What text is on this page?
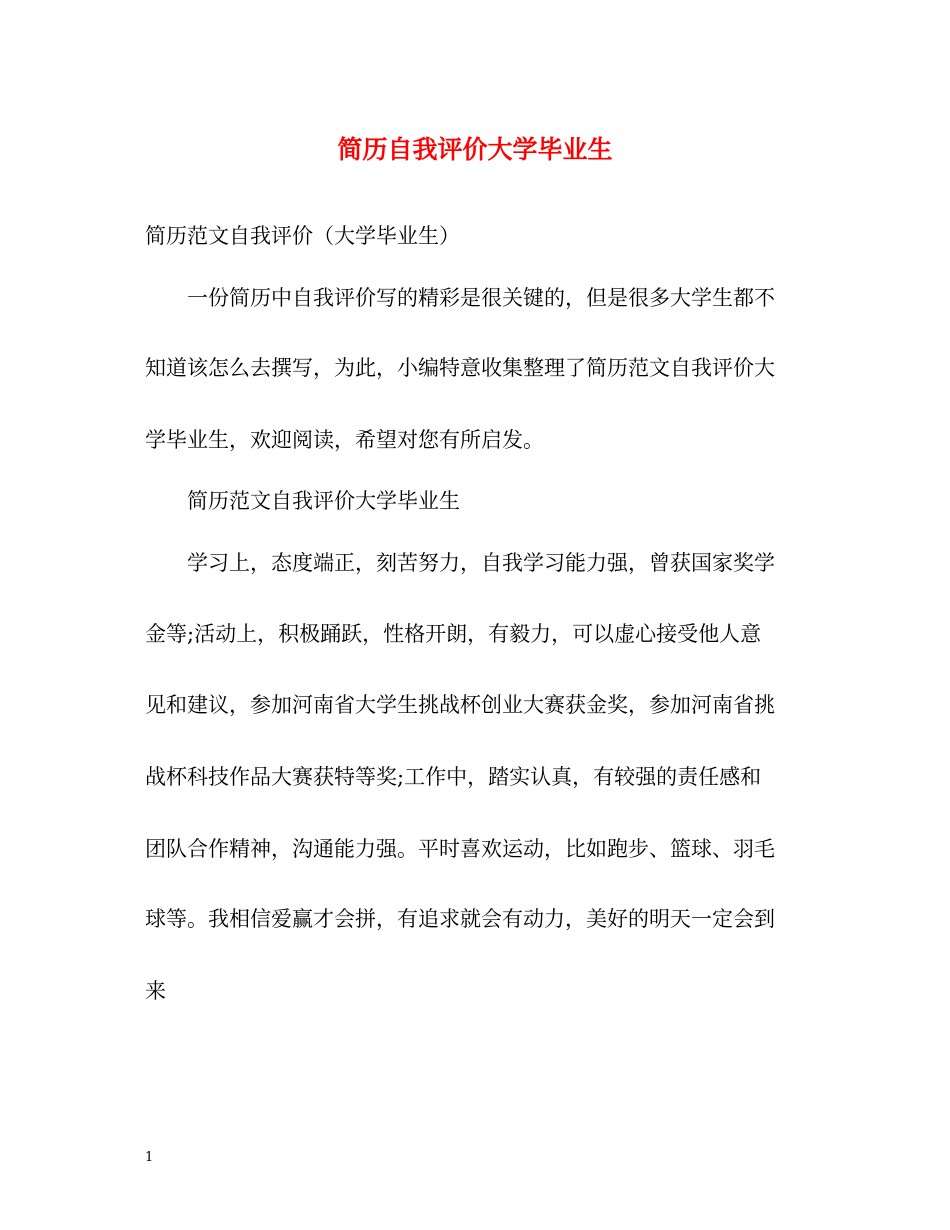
简历自我评价大学毕业生
简历范文自我评价（大学毕业生）
一份简历中自我评价写的精彩是很关键的，但是很多大学生都不
知道该怎么去撰写，为此，小编特意收集整理了简历范文自我评价大
学毕业生，欢迎阅读，希望对您有所启发。
简历范文自我评价大学毕业生
学习上，态度端正，刻苦努力，自我学习能力强，曾获国家奖学
金等;活动上，积极踊跃，性格开朗，有毅力，可以虚心接受他人意
见和建议，参加河南省大学生挑战杯创业大赛获金奖，参加河南省挑
战杯科技作品大赛获特等奖;工作中，踏实认真，有较强的责任感和
团队合作精神，沟通能力强。平时喜欢运动，比如跑步、篮球、羽毛
球等。我相信爱赢才会拼，有追求就会有动力，美好的明天一定会到
来
1
